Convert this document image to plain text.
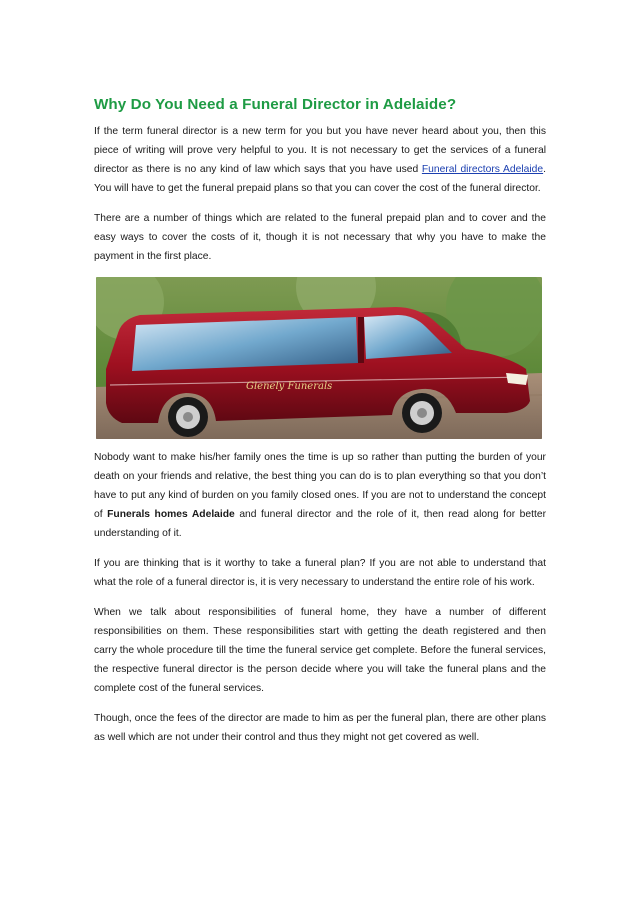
Why Do You Need a Funeral Director in Adelaide?

If the term funeral director is a new term for you but you have never heard about you, then this piece of writing will prove very helpful to you. It is not necessary to get the services of a funeral director as there is no any kind of law which says that you have used Funeral directors Adelaide. You will have to get the funeral prepaid plans so that you can cover the cost of the funeral director.

There are a number of things which are related to the funeral prepaid plan and to cover and the easy ways to cover the costs of it, though it is not necessary that why you have to make the payment in the first place.

Glenely Funerals

Nobody want to make his/her family ones the time is up so rather than putting the burden of your death on your friends and relative, the best thing you can do is to plan everything so that you don’t have to put any kind of burden on you family closed ones. If you are not to understand the concept of Funerals homes Adelaide and funeral director and the role of it, then read along for better understanding of it.

If you are thinking that is it worthy to take a funeral plan? If you are not able to understand that what the role of a funeral director is, it is very necessary to understand the entire role of his work.

When we talk about responsibilities of funeral home, they have a number of different responsibilities on them. These responsibilities start with getting the death registered and then carry the whole procedure till the time the funeral service get complete. Before the funeral services, the respective funeral director is the person decide where you will take the funeral plans and the complete cost of the funeral services.

Though, once the fees of the director are made to him as per the funeral plan, there are other plans as well which are not under their control and thus they might not get covered as well.
